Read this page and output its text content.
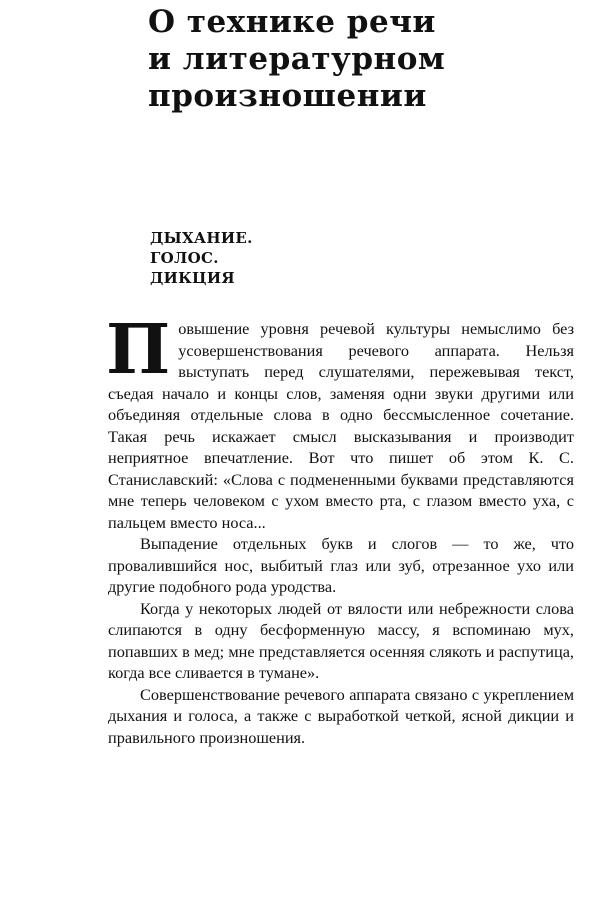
О технике речи
и литературном
произношении
ДЫХАНИЕ.
ГОЛОС.
ДИКЦИЯ

Повышение уровня речевой культуры немыслимо без усовершенствования речевого аппарата. Нельзя выступать перед слушателями, пережевывая текст, съедая начало и концы слов, заменяя одни звуки другими или объединяя отдельные слова в одно бессмысленное сочетание. Такая речь искажает смысл высказывания и производит неприятное впечатление. Вот что пишет об этом К. С. Станиславский: «Слова с подмененными буквами представляются мне теперь человеком с ухом вместо рта, с глазом вместо уха, с пальцем вместо носа...

Выпадение отдельных букв и слогов — то же, что провалившийся нос, выбитый глаз или зуб, отрезанное ухо или другие подобного рода уродства.

Когда у некоторых людей от вялости или небрежности слова слипаются в одну бесформенную массу, я вспоминаю мух, попавших в мед; мне представляется осенняя слякоть и распутица, когда все сливается в тумане».

Совершенствование речевого аппарата связано с укреплением дыхания и голоса, а также с выработкой четкой, ясной дикции и правильного произношения.
